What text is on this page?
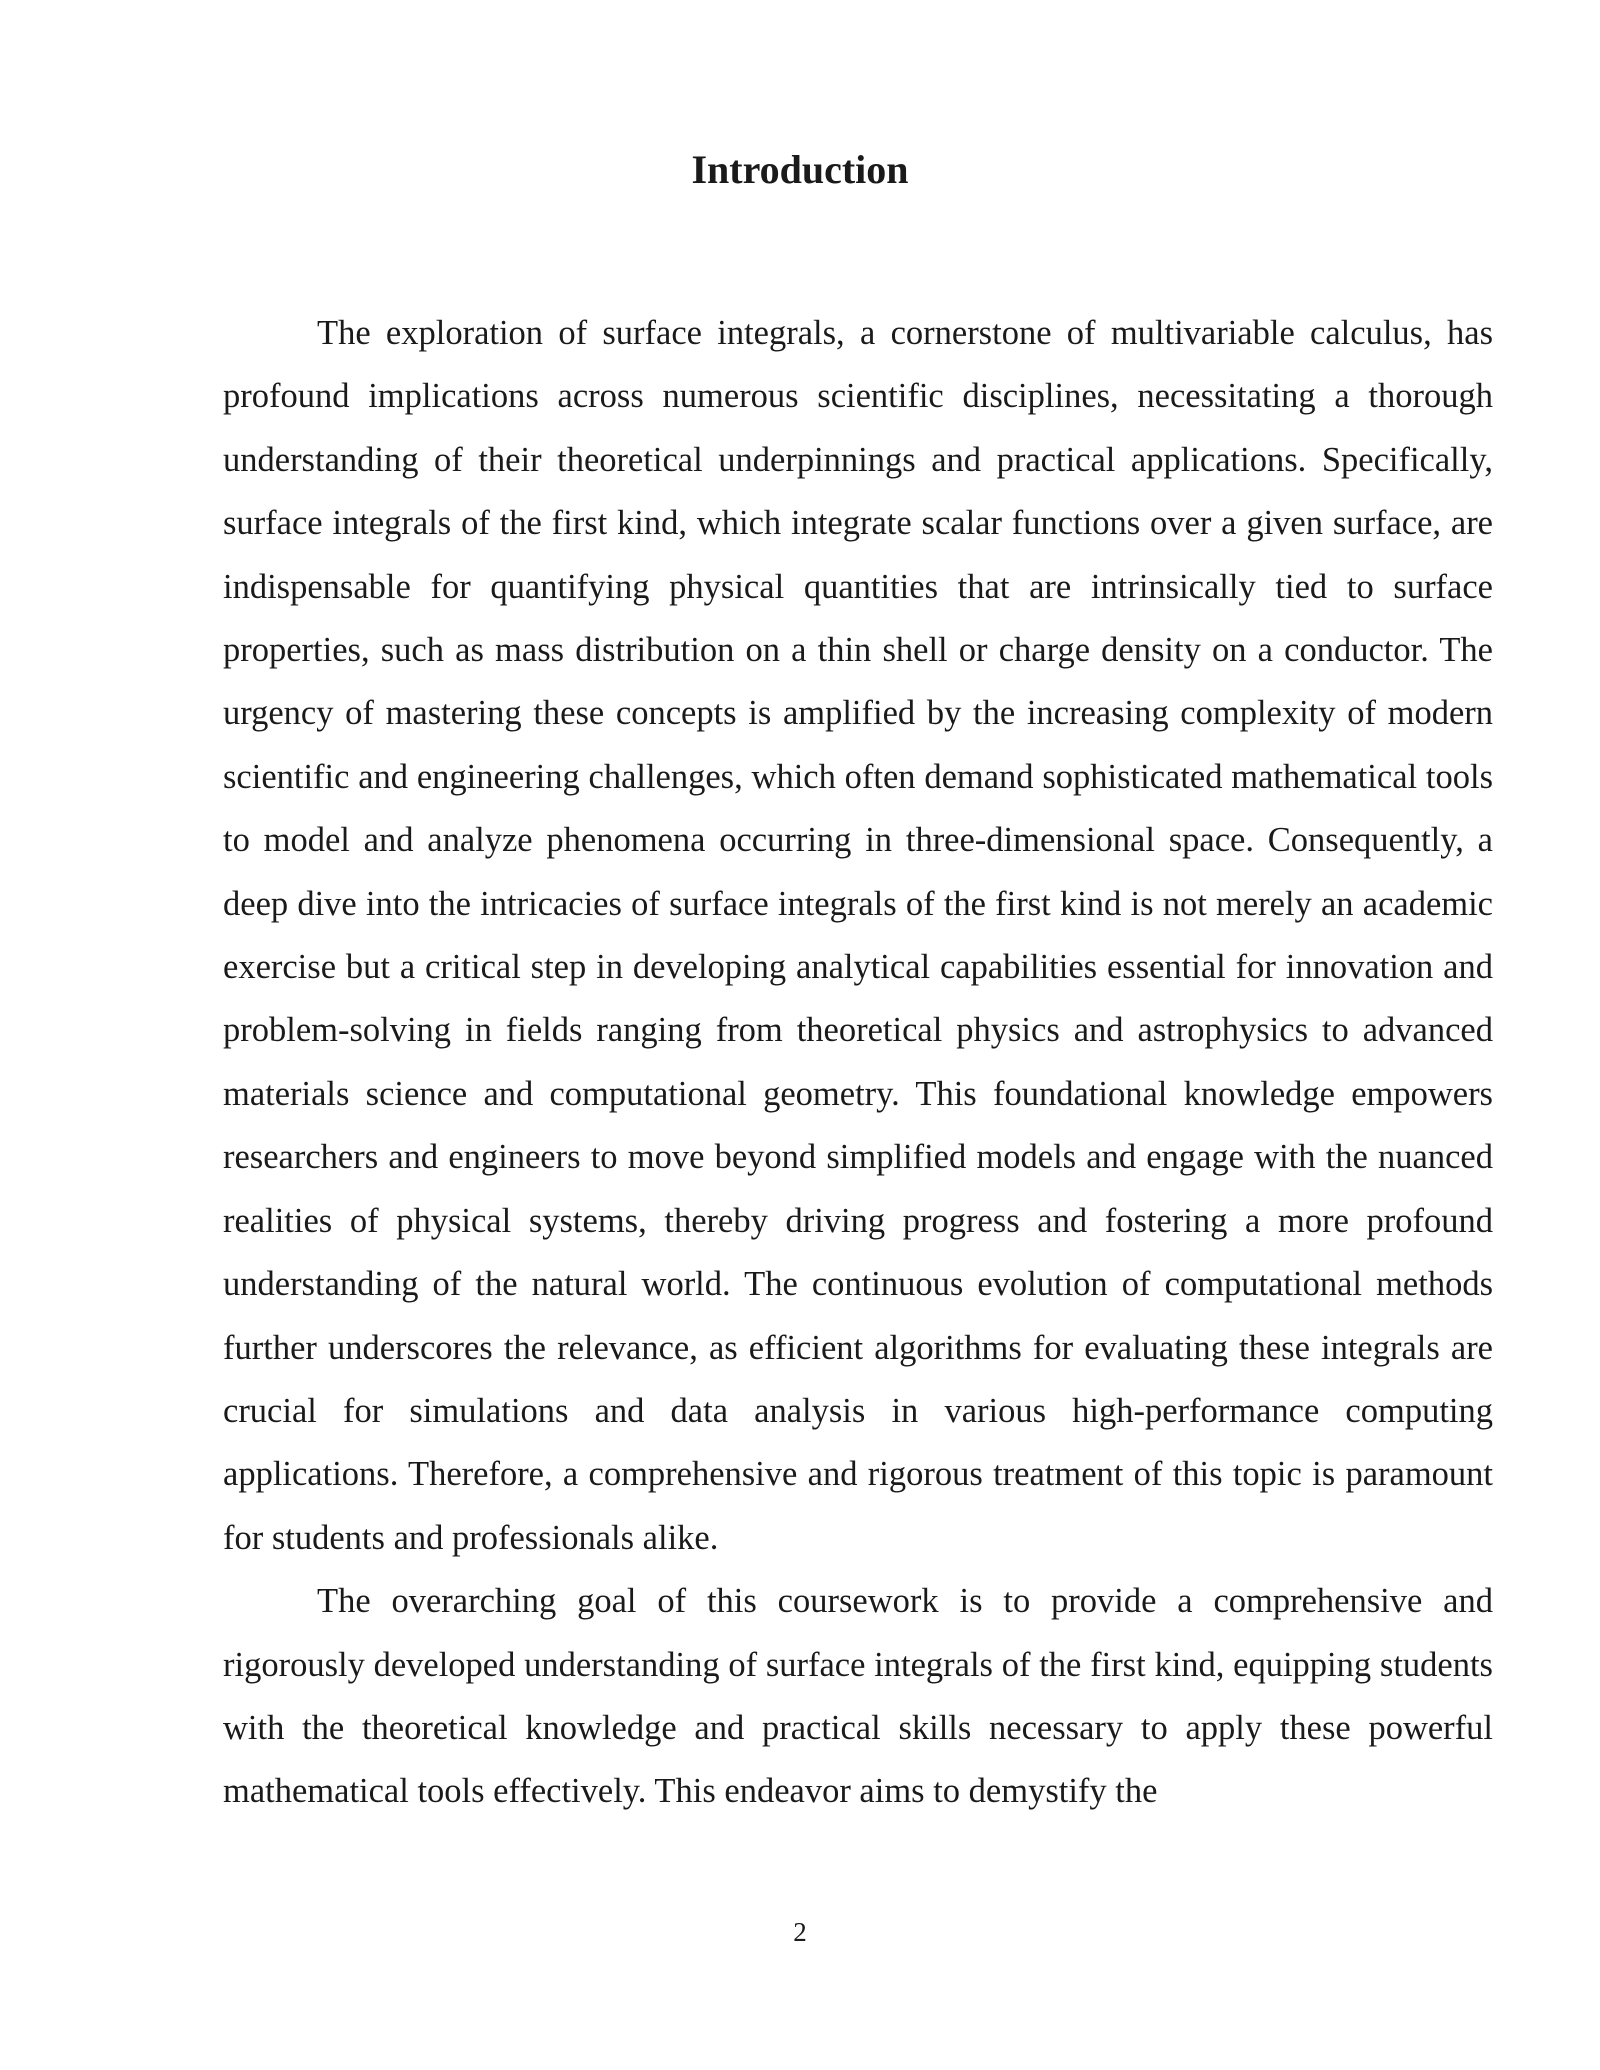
Introduction

The exploration of surface integrals, a cornerstone of multivariable calculus, has profound implications across numerous scientific disciplines, necessitating a thorough understanding of their theoretical underpinnings and practical applications. Specifically, surface integrals of the first kind, which integrate scalar functions over a given surface, are indispensable for quantifying physical quantities that are intrinsically tied to surface properties, such as mass distribution on a thin shell or charge density on a conductor. The urgency of mastering these concepts is amplified by the increasing complexity of modern scientific and engineering challenges, which often demand sophisticated mathematical tools to model and analyze phenomena occurring in three-dimensional space. Consequently, a deep dive into the intricacies of surface integrals of the first kind is not merely an academic exercise but a critical step in developing analytical capabilities essential for innovation and problem-solving in fields ranging from theoretical physics and astrophysics to advanced materials science and computational geometry. This foundational knowledge empowers researchers and engineers to move beyond simplified models and engage with the nuanced realities of physical systems, thereby driving progress and fostering a more profound understanding of the natural world. The continuous evolution of computational methods further underscores the relevance, as efficient algorithms for evaluating these integrals are crucial for simulations and data analysis in various high-performance computing applications. Therefore, a comprehensive and rigorous treatment of this topic is paramount for students and professionals alike.

The overarching goal of this coursework is to provide a comprehensive and rigorously developed understanding of surface integrals of the first kind, equipping students with the theoretical knowledge and practical skills necessary to apply these powerful mathematical tools effectively. This endeavor aims to demystify the

2
